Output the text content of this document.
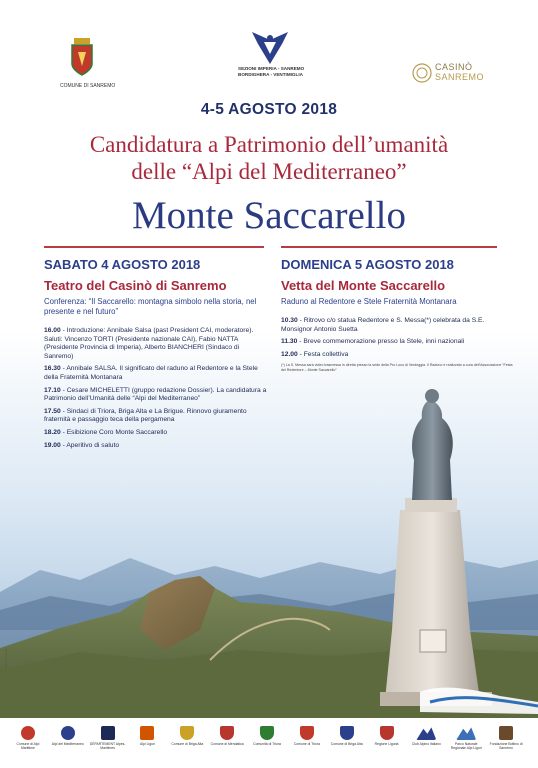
COMUNE DI SANREMO
SEZIONI IMPERIA - SANREMO
BORDIGHERA - VENTIMIGLIA
CASINÒ
SANREMO
4-5 AGOSTO 2018
Candidatura a Patrimonio dell’umanità
delle “Alpi del Mediterraneo”
Monte Saccarello
SABATO 4 AGOSTO 2018
Teatro del Casinò di Sanremo
Conferenza: “Il Saccarello: montagna simbolo nella storia, nel presente e nel futuro”
16.00 - Introduzione: Annibale Salsa (past President CAI, moderatore). Saluti: Vincenzo TORTI (Presidente nazionale CAI), Fabio NATTA (Presidente Provincia di Imperia), Alberto BIANCHERI (Sindaco di Sanremo)
16.30 - Annibale SALSA. Il significato del raduno al Redentore e la Stele della Fraternità Montanara
17.10 - Cesare MICHELETTI (gruppo redazione Dossier). La candidatura a Patrimonio dell’Umanità delle “Alpi del Mediterraneo”
17.50 - Sindaci di Triora, Briga Alta e La Brigue. Rinnovo giuramento fraternità e passaggio teca della pergamena
18.20 - Esibizione Coro Monte Saccarello
19.00 - Aperitivo di saluto
DOMENICA 5 AGOSTO 2018
Vetta del Monte Saccarello
Raduno al Redentore e Stele Fraternità Montanara
10.30 - Ritrovo c/o statua Redentore e S. Messa(*) celebrata da S.E. Monsignor Antonio Suetta
11.30 - Breve commemorazione presso la Stele, inni nazionali
12.00 - Festa collettiva
(*) La S. Messa sarà video trasmessa in diretta presso la sede della Pro Loco di Verdeggia. Il Raduno è realizzato a cura dell’Associazione “Festa del Redentore – Monte Saccarello”
Foto A. Cerutti
Comune di Alpi Marittime
Alpi del Mediterraneo	DÉPARTEMENT Alpes-Maritimes
Alpi Liguri	Comune di Briga Alta	Comune di Mendatica	Comunità di Triora	Comune di Triora	Comune di Briga Alta	Regione Liguria	Club Alpino Italiano	Parco Naturale Regionale Alpi Liguri
Fondazione Bottino di Sanremo
